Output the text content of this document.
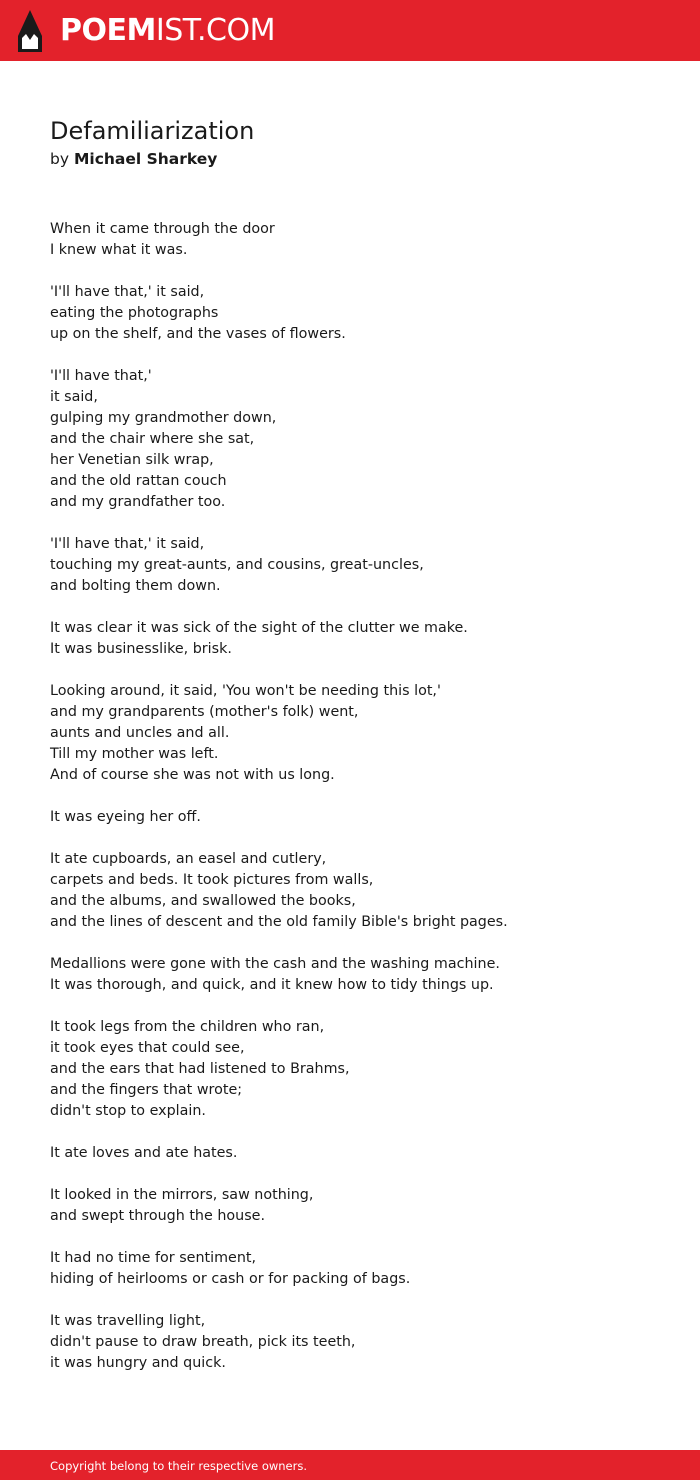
POEMIST.COM
Defamiliarization
by Michael Sharkey
When it came through the door
I knew what it was.
'I'll have that,' it said,
eating the photographs
up on the shelf, and the vases of flowers.
'I'll have that,'
it said,
gulping my grandmother down,
and the chair where she sat,
her Venetian silk wrap,
and the old rattan couch
and my grandfather too.
'I'll have that,' it said,
touching my great-aunts, and cousins, great-uncles,
and bolting them down.
It was clear it was sick of the sight of the clutter we make.
It was businesslike, brisk.
Looking around, it said, 'You won't be needing this lot,'
and my grandparents (mother's folk) went,
aunts and uncles and all.
Till my mother was left.
And of course she was not with us long.
It was eyeing her off.
It ate cupboards, an easel and cutlery,
carpets and beds. It took pictures from walls,
and the albums, and swallowed the books,
and the lines of descent and the old family Bible's bright pages.
Medallions were gone with the cash and the washing machine.
It was thorough, and quick, and it knew how to tidy things up.
It took legs from the children who ran,
it took eyes that could see,
and the ears that had listened to Brahms,
and the fingers that wrote;
didn't stop to explain.
It ate loves and ate hates.
It looked in the mirrors, saw nothing,
and swept through the house.
It had no time for sentiment,
hiding of heirlooms or cash or for packing of bags.
It was travelling light,
didn't pause to draw breath, pick its teeth,
it was hungry and quick.
Copyright belong to their respective owners.
